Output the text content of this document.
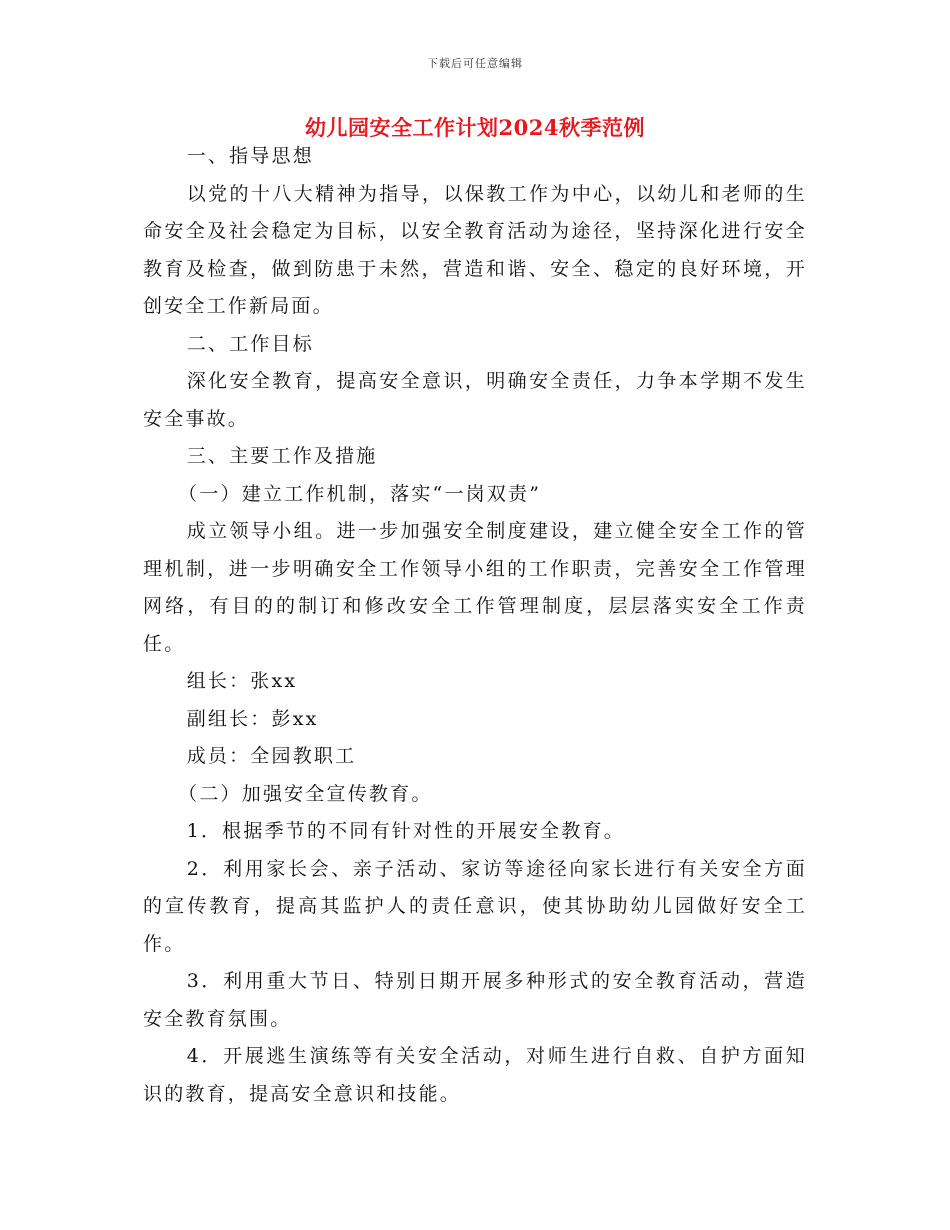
下载后可任意编辑
幼儿园安全工作计划2024秋季范例

一、指导思想

以党的十八大精神为指导，以保教工作为中心，以幼儿和老师的生命安全及社会稳定为目标，以安全教育活动为途径，坚持深化进行安全教育及检查，做到防患于未然，营造和谐、安全、稳定的良好环境，开创安全工作新局面。

二、工作目标

深化安全教育，提高安全意识，明确安全责任，力争本学期不发生安全事故。

三、主要工作及措施

（一）建立工作机制，落实“一岗双责”

成立领导小组。进一步加强安全制度建设，建立健全安全工作的管理机制，进一步明确安全工作领导小组的工作职责，完善安全工作管理网络，有目的的制订和修改安全工作管理制度，层层落实安全工作责任。

组长：张xx

副组长：彭xx

成员：全园教职工

（二）加强安全宣传教育。

1．根据季节的不同有针对性的开展安全教育。

2．利用家长会、亲子活动、家访等途径向家长进行有关安全方面的宣传教育，提高其监护人的责任意识，使其协助幼儿园做好安全工作。

3．利用重大节日、特别日期开展多种形式的安全教育活动，营造安全教育氛围。

4．开展逃生演练等有关安全活动，对师生进行自救、自护方面知识的教育，提高安全意识和技能。
